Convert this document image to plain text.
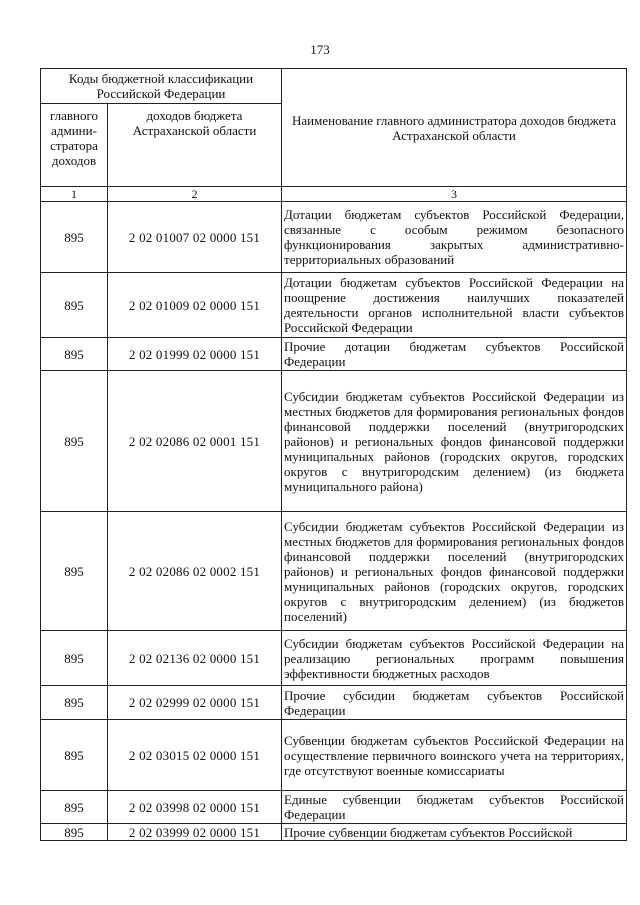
173
Коды бюджетной классификации Российской Федерации		Наименование главного администратора доходов бюджета Астраханской области
главного админи-стратора доходов	доходов бюджета Астраханской области	
1	2	3
895	2 02 01007 02 0000 151	Дотации бюджетам субъектов Российской Федерации, связанные с особым режимом безопасного функционирования закрытых административно-территориальных образований
895	2 02 01009 02 0000 151	Дотации бюджетам субъектов Российской Федерации на поощрение достижения наилучших показателей деятельности органов исполнительной власти субъектов Российской Федерации
895	2 02 01999 02 0000 151	Прочие дотации бюджетам субъектов Российской Федерации
895	2 02 02086 02 0001 151	Субсидии бюджетам субъектов Российской Федерации из местных бюджетов для формирования региональных фондов финансовой поддержки поселений (внутригородских районов) и региональных фондов финансовой поддержки муниципальных районов (городских округов, городских округов с внутригородским делением) (из бюджета муниципального района)
895	2 02 02086 02 0002 151	Субсидии бюджетам субъектов Российской Федерации из местных бюджетов для формирования региональных фондов финансовой поддержки поселений (внутригородских районов) и региональных фондов финансовой поддержки муниципальных районов (городских округов, городских округов с внутригородским делением) (из бюджетов поселений)
895	2 02 02136 02 0000 151	Субсидии бюджетам субъектов Российской Федерации на реализацию региональных программ повышения эффективности бюджетных расходов
895	2 02 02999 02 0000 151	Прочие субсидии бюджетам субъектов Российской Федерации
895	2 02 03015 02 0000 151	Субвенции бюджетам субъектов Российской Федерации на осуществление первичного воинского учета на территориях, где отсутствуют военные комиссариаты
895	2 02 03998 02 0000 151	Единые субвенции бюджетам субъектов Российской Федерации
895	2 02 03999 02 0000 151	Прочие субвенции бюджетам субъектов Российской
